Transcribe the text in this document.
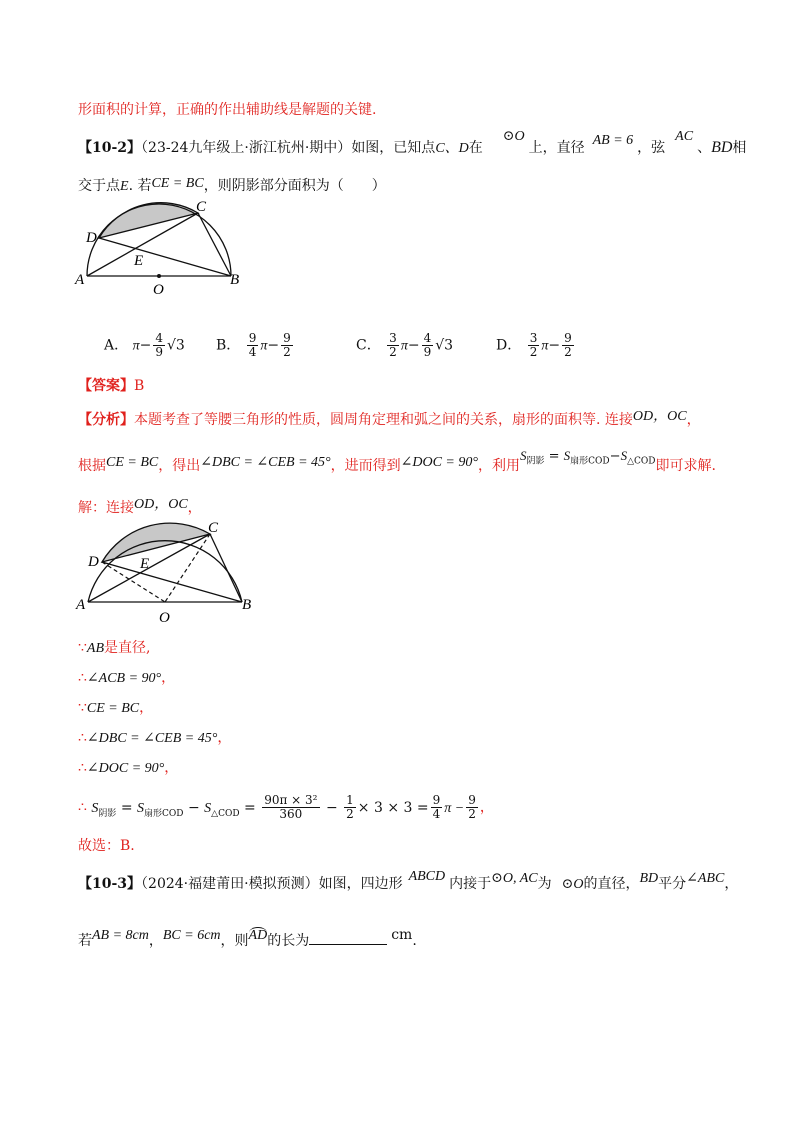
形面积的计算，正确的作出辅助线是解题的关键.
【10-2】（23-24九年级上·浙江杭州·期中）如图，已知点C、D在⊙O上，直径 AB = 6 ，弦AC、BD相
交于点E. 若CE = BC，则阴影部分面积为（　　）
C
D
E
A	B
O
A． $\pi- \frac{4}{9} √3$ B． $\frac{9}{4} \pi- \frac{9}{2}$	C． $\frac{3}{2} \pi- \frac{4}{9} √3$	D． $\frac{3}{2} \pi- \frac{9}{2}$
【答案】B
【分析】本题考查了等腰三角形的性质，圆周角定理和弧之间的关系，扇形的面积等. 连接OD，OC，
根据CE = BC，得出∠DBC = ∠CEB = 45°，进而得到∠DOC = 90°，利用$S_{阴影} = S_{扇形COD}-S_{\triangle COD}$即可求解.
解：连接OD，OC，
C
D	E
A	B
O
∵AB是直径,
∴∠ACB = 90°，
∵CE = BC，
∴∠DBC = ∠CEB = 45°，
∴∠DOC = 90°，
∴ $S_{阴影} = S_{扇形COD} - S_{\triangle COD} = \frac{\text{90π × 3²}}{360} - \frac{1}{2} \times 3 \times 3 = \frac{9}{4}$ $\pi - \frac{9}{2}$ ，
故选：B.
【10-3】（2024·福建莆田·模拟预测）如图，四边形 ABCD 内接于⊙O, AC为 ⊙O的直径，BD平分∠ABC，
若AB = 8cm，BC = 6cm，则AD的长为	cm.
